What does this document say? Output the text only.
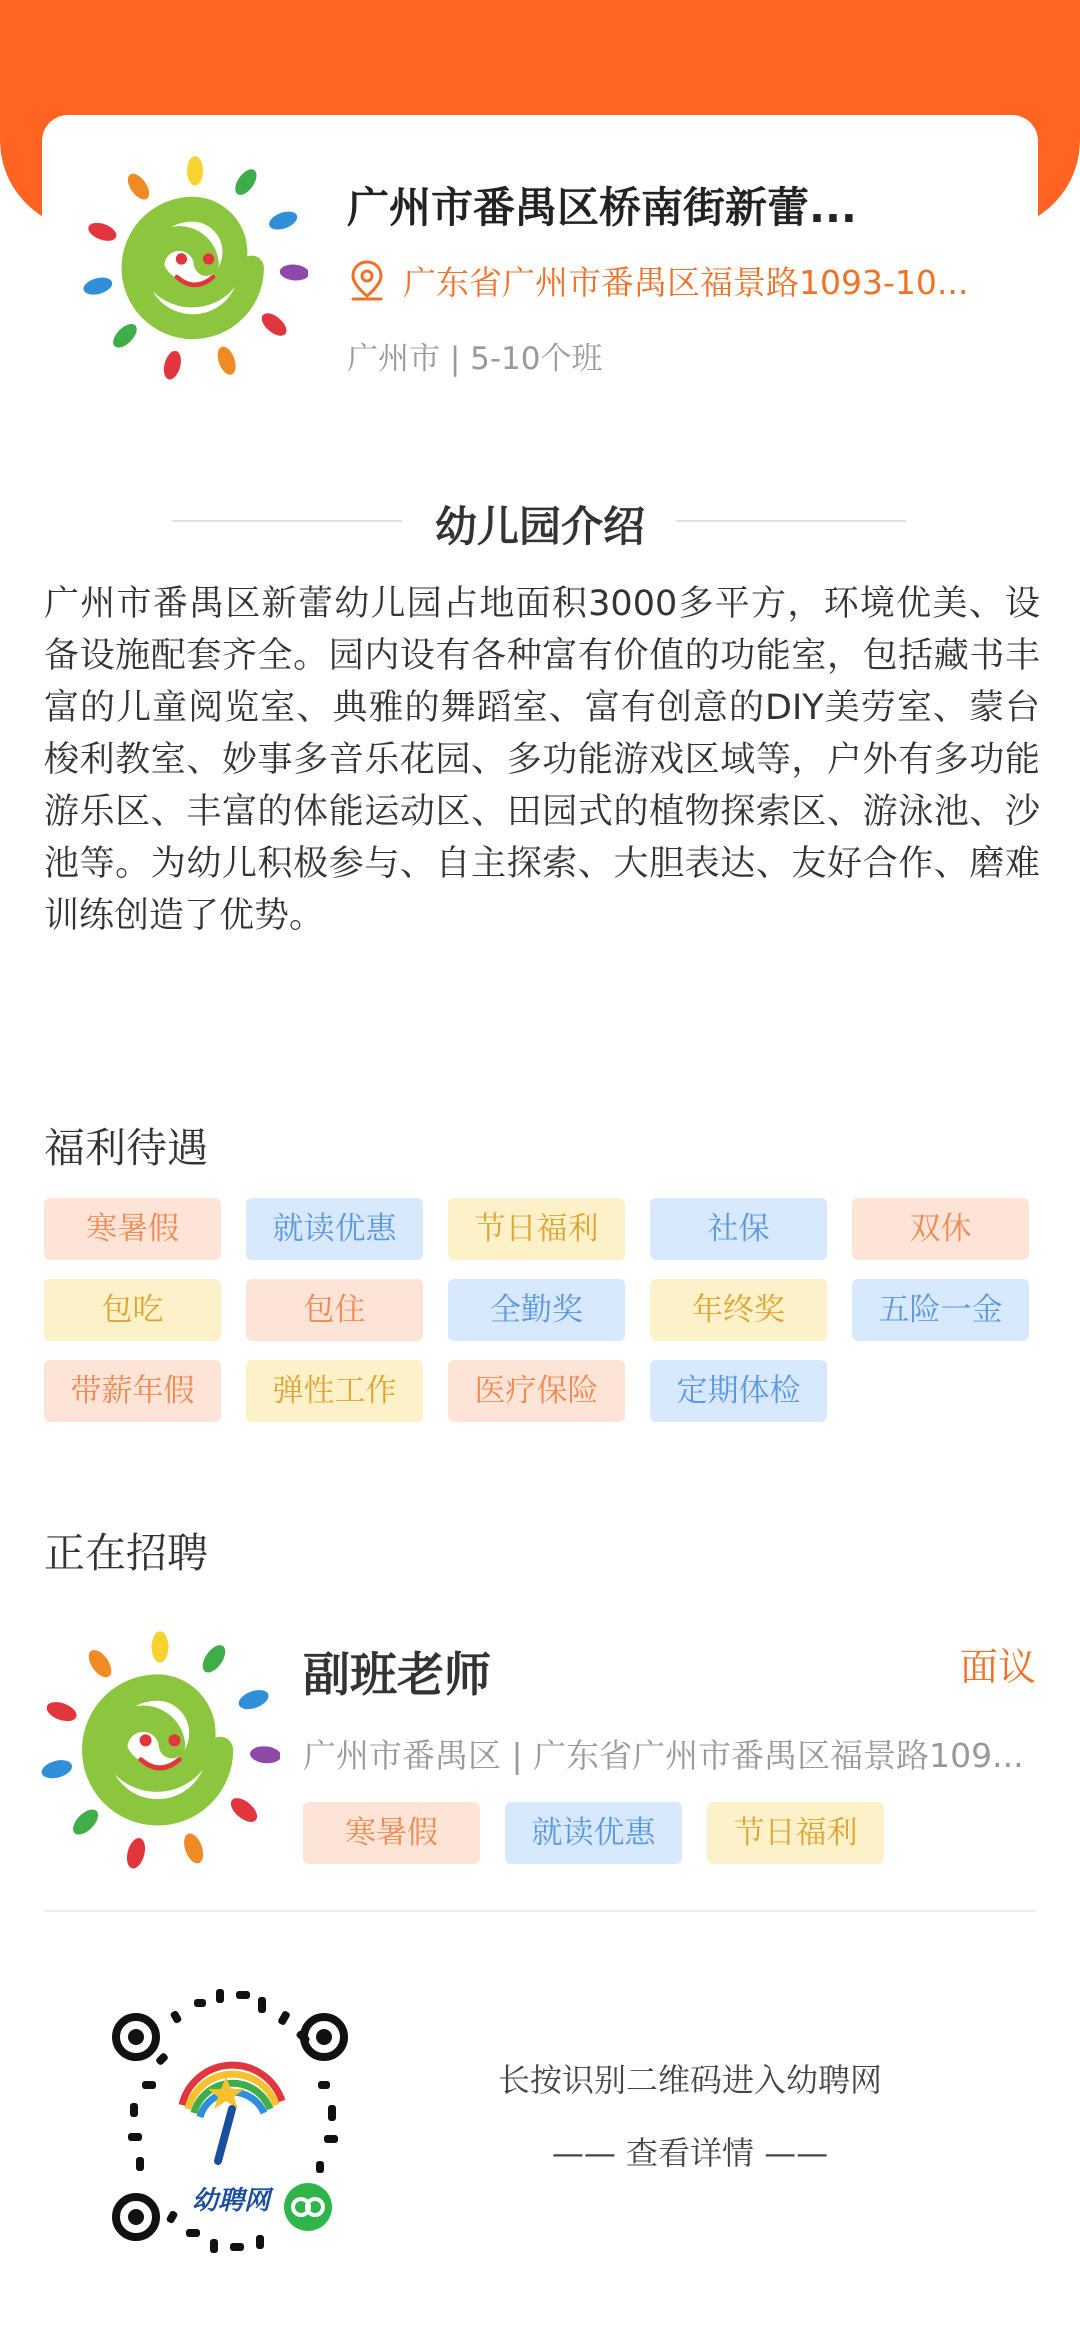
广州市番禺区桥南街新蕾...
广东省广州市番禺区福景路1093-10...
广州市 | 5-10个班
幼儿园介绍
广州市番禺区新蕾幼儿园占地面积3000多平方，环境优美、设备设施配套齐全。园内设有各种富有价值的功能室，包括藏书丰富的儿童阅览室、典雅的舞蹈室、富有创意的DIY美劳室、蒙台梭利教室、妙事多音乐花园、多功能游戏区域等，户外有多功能游乐区、丰富的体能运动区、田园式的植物探索区、游泳池、沙池等。为幼儿积极参与、自主探索、大胆表达、友好合作、磨难训练创造了优势。
福利待遇
寒暑假	就读优惠	节日福利	社保	双休
包吃	包住	全勤奖	年终奖	五险一金
带薪年假	弹性工作	医疗保险	定期体检
正在招聘
副班老师	面议
广州市番禺区 | 广东省广州市番禺区福景路109...
寒暑假	就读优惠	节日福利
幼聘网
长按识别二维码进入幼聘网
—— 查看详情 ——
